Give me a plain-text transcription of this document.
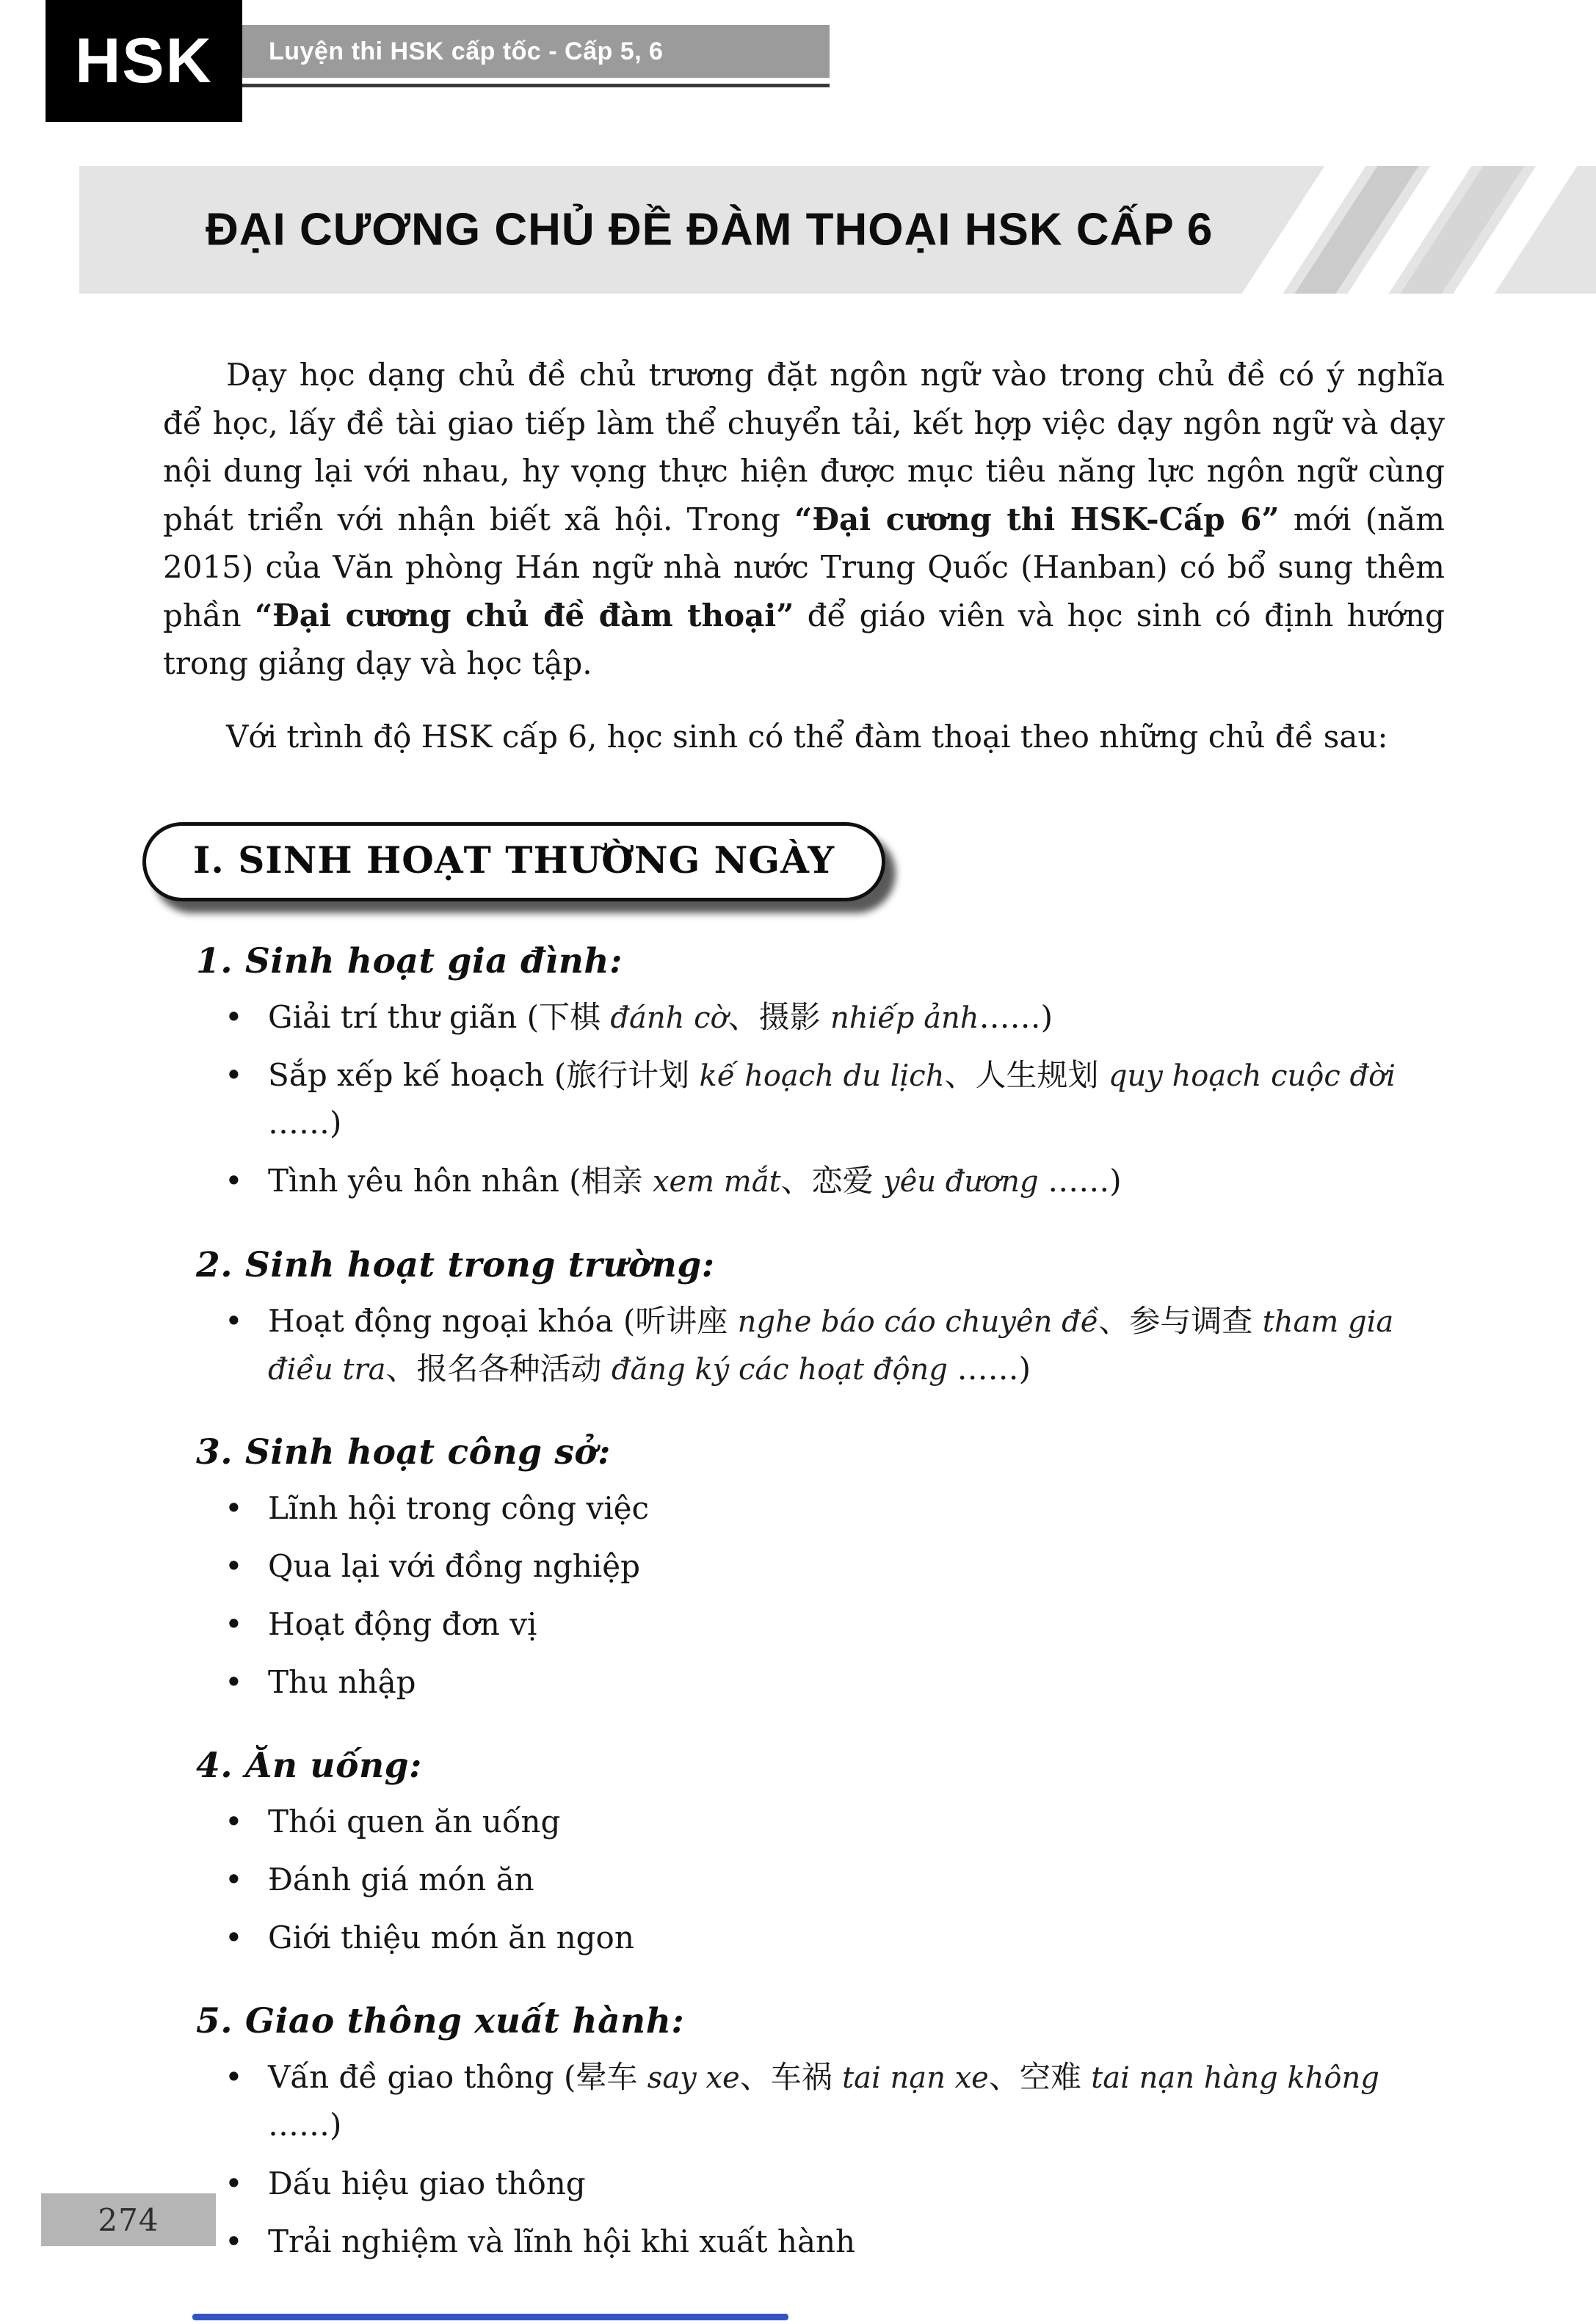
HSK Luyện thi HSK cấp tốc - Cấp 5, 6
ĐẠI CƯƠNG CHỦ ĐỀ ĐÀM THOẠI HSK CẤP 6

Dạy học dạng chủ đề chủ trương đặt ngôn ngữ vào trong chủ đề có ý nghĩa để học, lấy đề tài giao tiếp làm thể chuyển tải, kết hợp việc dạy ngôn ngữ và dạy nội dung lại với nhau, hy vọng thực hiện được mục tiêu năng lực ngôn ngữ cùng phát triển với nhận biết xã hội. Trong “Đại cương thi HSK-Cấp 6” mới (năm 2015) của Văn phòng Hán ngữ nhà nước Trung Quốc (Hanban) có bổ sung thêm phần “Đại cương chủ đề đàm thoại” để giáo viên và học sinh có định hướng trong giảng dạy và học tập.

Với trình độ HSK cấp 6, học sinh có thể đàm thoại theo những chủ đề sau:

I. SINH HOẠT THƯỜNG NGÀY
1. Sinh hoạt gia đình:
• Giải trí thư giãn (下棋 đánh cờ、摄影 nhiếp ảnh……)
• Sắp xếp kế hoạch (旅行计划 kế hoạch du lịch、人生规划 quy hoạch cuộc đời ……)
• Tình yêu hôn nhân (相亲 xem mắt、恋爱 yêu đương ……)
2. Sinh hoạt trong trường:
• Hoạt động ngoại khóa (听讲座 nghe báo cáo chuyên đề、参与调查 tham gia điều tra、报名各种活动 đăng ký các hoạt động ……)
3. Sinh hoạt công sở:
• Lĩnh hội trong công việc
• Qua lại với đồng nghiệp
• Hoạt động đơn vị
• Thu nhập
4. Ăn uống:
• Thói quen ăn uống
• Đánh giá món ăn
• Giới thiệu món ăn ngon
5. Giao thông xuất hành:
• Vấn đề giao thông (晕车 say xe、车祸 tai nạn xe、空难 tai nạn hàng không ……)
• Dấu hiệu giao thông
• Trải nghiệm và lĩnh hội khi xuất hành
274
